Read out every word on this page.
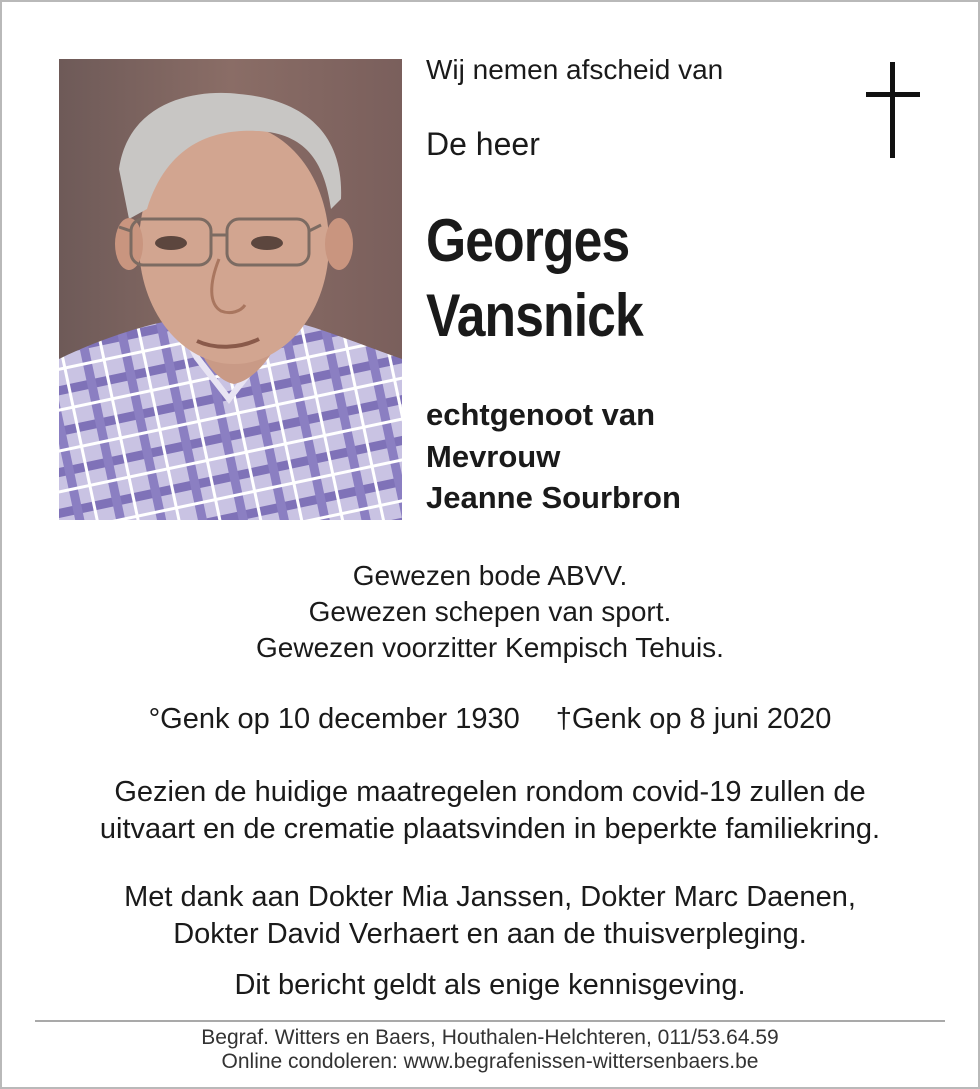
Wij nemen afscheid van
De heer
Georges
Vansnick
echtgenoot van
Mevrouw
Jeanne Sourbron
Gewezen bode ABVV.
Gewezen schepen van sport.
Gewezen voorzitter Kempisch Tehuis.
°Genk op 10 december 1930 †Genk op 8 juni 2020
Gezien de huidige maatregelen rondom covid-19 zullen de
uitvaart en de crematie plaatsvinden in beperkte familiekring.
Met dank aan Dokter Mia Janssen, Dokter Marc Daenen,
Dokter David Verhaert en aan de thuisverpleging.
Dit bericht geldt als enige kennisgeving.
Begraf. Witters en Baers, Houthalen-Helchteren, 011/53.64.59
Online condoleren: www.begrafenissen-wittersenbaers.be
